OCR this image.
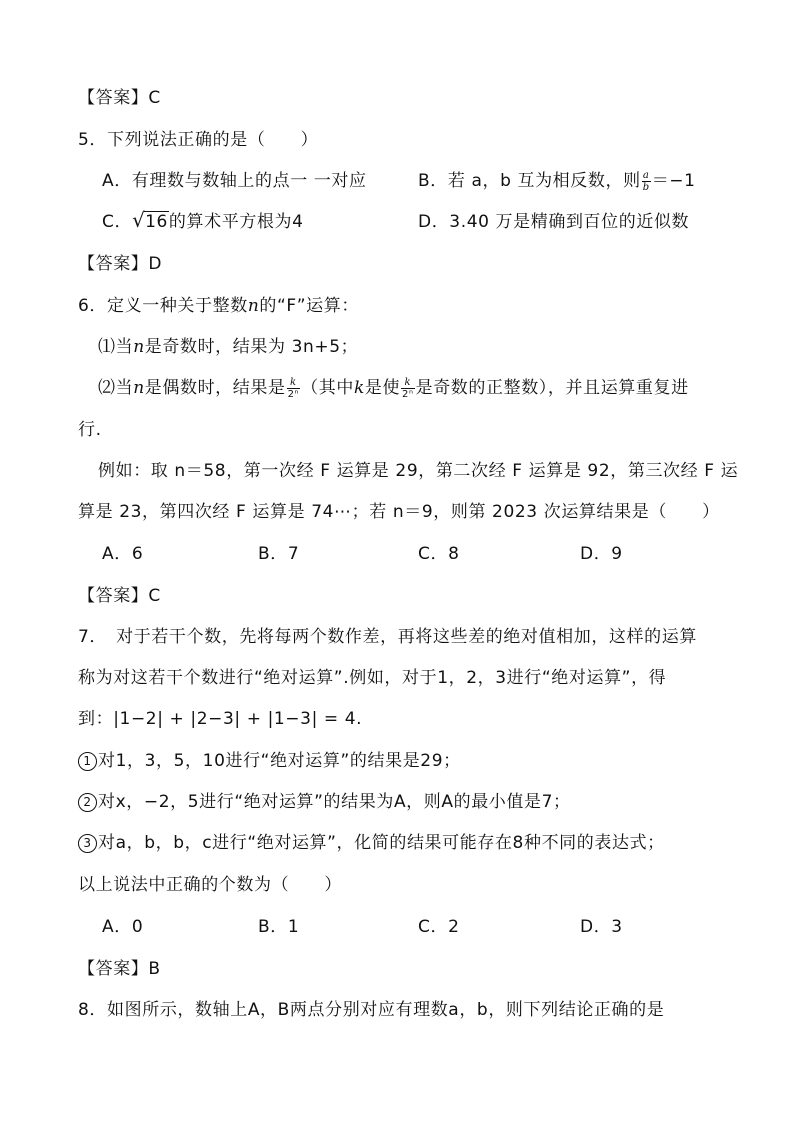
【答案】C
5．下列说法正确的是（　　）
A．有理数与数轴上的点一 一对应	B．若 a，b 互为相反数，则 $\frac{a}{b} =-1$
C． √ 16的算术平方根为4	D．3.40 万是精确到百位的近似数
【答案】D
6．定义一种关于整数n的“F”运算：
⑴当n是奇数时，结果为 3n+5；
⑵当n是偶数时，结果是 $\frac{k}{\text{2ⁿ}}$ （其中k是使 $\frac{k}{\text{2ⁿ}}$ 是奇数的正整数），并且运算重复进
行.
例如：取 n＝58，第一次经 F 运算是 29，第二次经 F 运算是 92，第三次经 F 运
算是 23，第四次经 F 运算是 74⋯；若 n＝9，则第 2023 次运算结果是（　　）
A．6	B．7	C．8	D．9
【答案】C
7．　对于若干个数，先将每两个数作差，再将这些差的绝对值相加，这样的运算
称为对这若干个数进行“绝对运算”.例如，对于1，2，3进行“绝对运算”，得
到：|1−2| + |2−3| + |1−3| = 4.
1 对1，3，5，10进行“绝对运算”的结果是29；
2 对x，−2，5进行“绝对运算”的结果为A，则A的最小值是7；
3 对a，b，b，c进行“绝对运算”，化简的结果可能存在8种不同的表达式；
以上说法中正确的个数为（　　）
A．0	B．1	C．2	D．3
【答案】B
8．如图所示，数轴上A，B两点分别对应有理数a，b，则下列结论正确的是
